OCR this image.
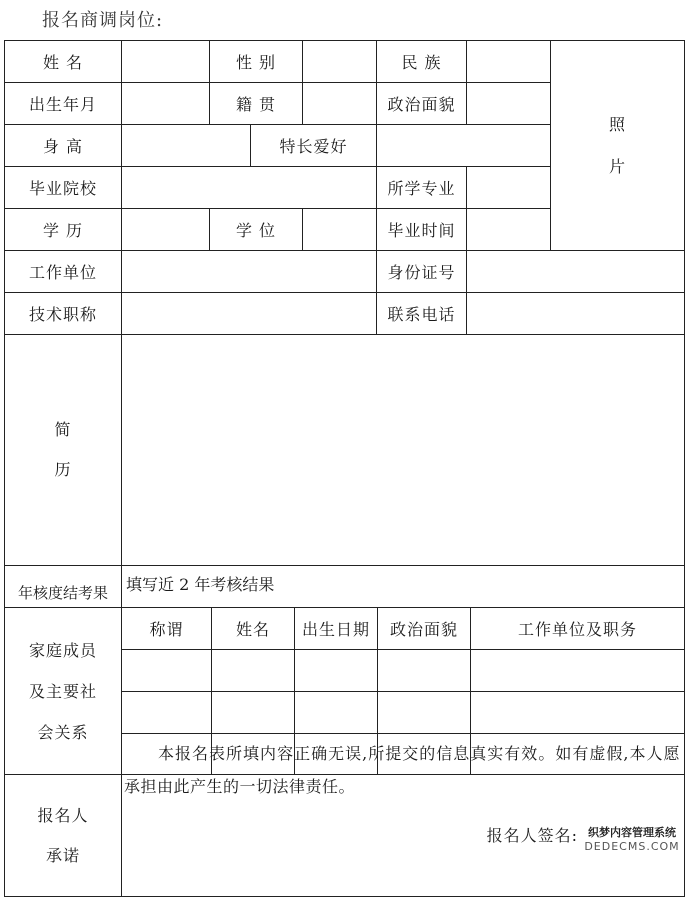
报名商调岗位:
姓 名	性 别	民 族
照
片
出生年月	籍 贯	政治面貌
身 高	特长爱好
毕业院校	所学专业
学 历	学 位	毕业时间
工作单位	身份证号
技术职称	联系电话
简
历
年核度结考果	填写近 2 年考核结果
家庭成员
及主要社
会关系
称谓	姓名	出生日期	政治面貌	工作单位及职务
报名人
承诺
本报名表所填内容正确无误,所提交的信息真实有效。如有虚假,本人愿承担由此产生的一切法律责任。
报名人签名: 织梦内容管理系统
DEDECMS.COM
